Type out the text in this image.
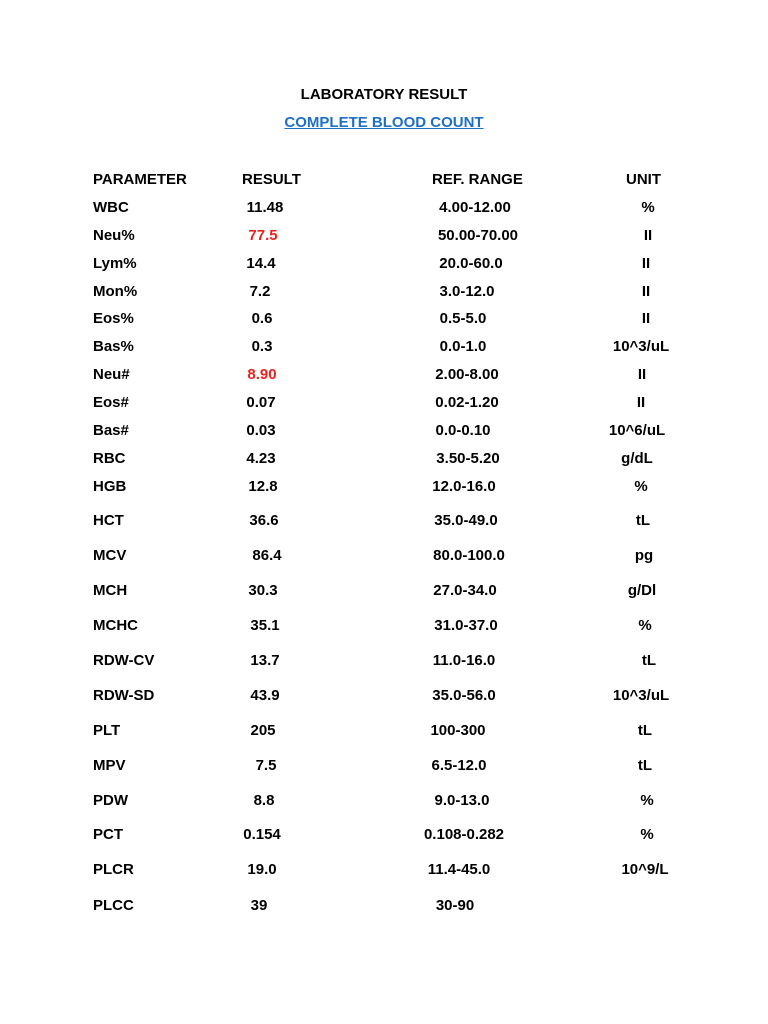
LABORATORY RESULT
COMPLETE BLOOD COUNT
PARAMETER	RESULT	REF. RANGE	UNIT
WBC	11.48	4.00-12.00	%
Neu%	77.5	50.00-70.00	II
Lym%	14.4	20.0-60.0	II
Mon%	7.2	3.0-12.0	II
Eos%	0.6	0.5-5.0	II
Bas%	0.3	0.0-1.0	10^3/uL
Neu#	8.90	2.00-8.00	II
Eos#	0.07	0.02-1.20	II
Bas#	0.03	0.0-0.10	10^6/uL
RBC	4.23	3.50-5.20	g/dL
HGB	12.8	12.0-16.0	%
HCT	36.6	35.0-49.0	tL
MCV	86.4	80.0-100.0	pg
MCH	30.3	27.0-34.0	g/Dl
MCHC	35.1	31.0-37.0	%
RDW-CV	13.7	11.0-16.0	tL
RDW-SD	43.9	35.0-56.0	10^3/uL
PLT	205	100-300	tL
MPV	7.5	6.5-12.0	tL
PDW	8.8	9.0-13.0	%
PCT	0.154	0.108-0.282	%
PLCR	19.0	11.4-45.0	10^9/L
PLCC	39	30-90
